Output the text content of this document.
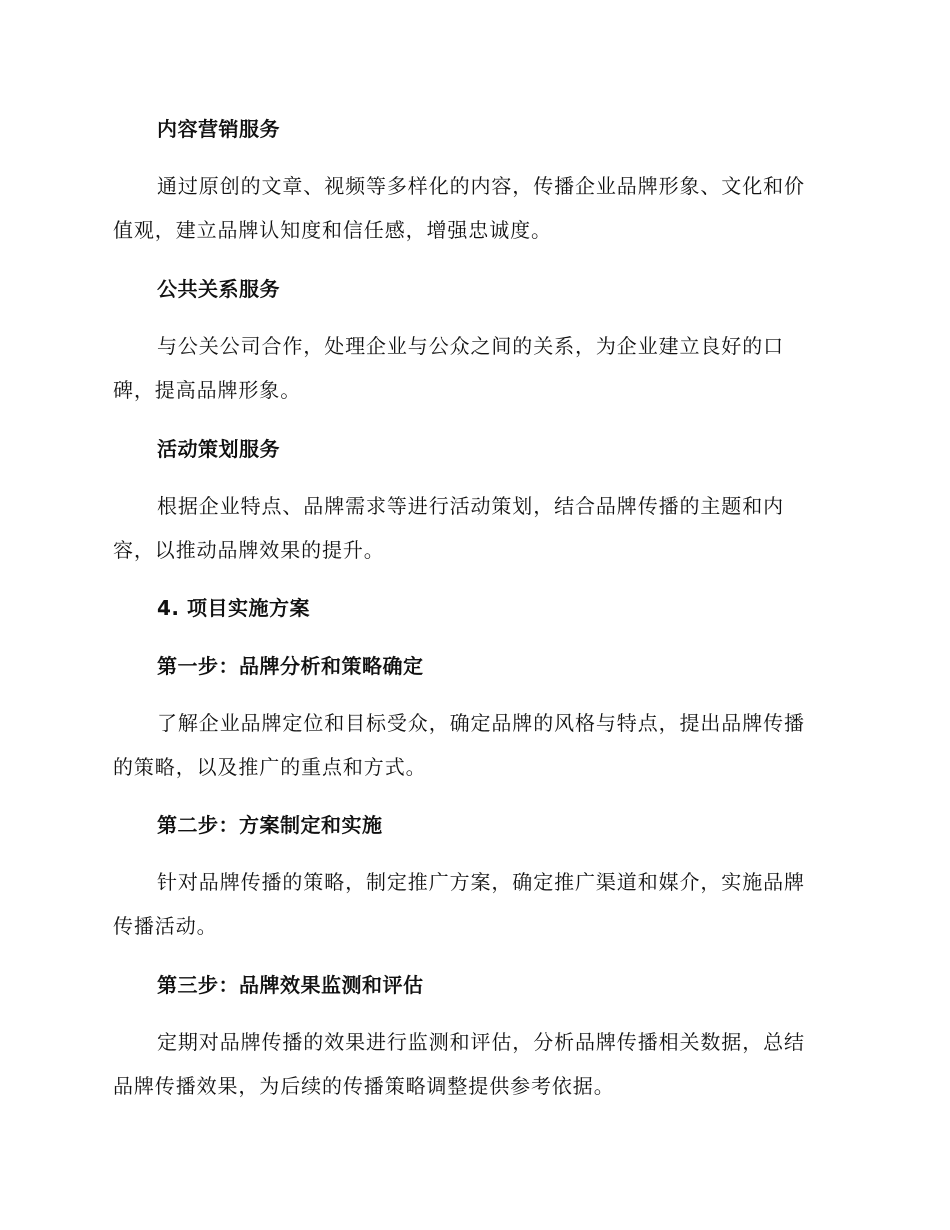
内容营销服务

通过原创的文章、视频等多样化的内容，传播企业品牌形象、文化和价
值观，建立品牌认知度和信任感，增强忠诚度。

公共关系服务

与公关公司合作，处理企业与公众之间的关系，为企业建立良好的口
碑，提高品牌形象。

活动策划服务

根据企业特点、品牌需求等进行活动策划，结合品牌传播的主题和内
容，以推动品牌效果的提升。

4. 项目实施方案
第一步：品牌分析和策略确定

了解企业品牌定位和目标受众，确定品牌的风格与特点，提出品牌传播
的策略，以及推广的重点和方式。

第二步：方案制定和实施

针对品牌传播的策略，制定推广方案，确定推广渠道和媒介，实施品牌
传播活动。

第三步：品牌效果监测和评估

定期对品牌传播的效果进行监测和评估，分析品牌传播相关数据，总结
品牌传播效果，为后续的传播策略调整提供参考依据。
